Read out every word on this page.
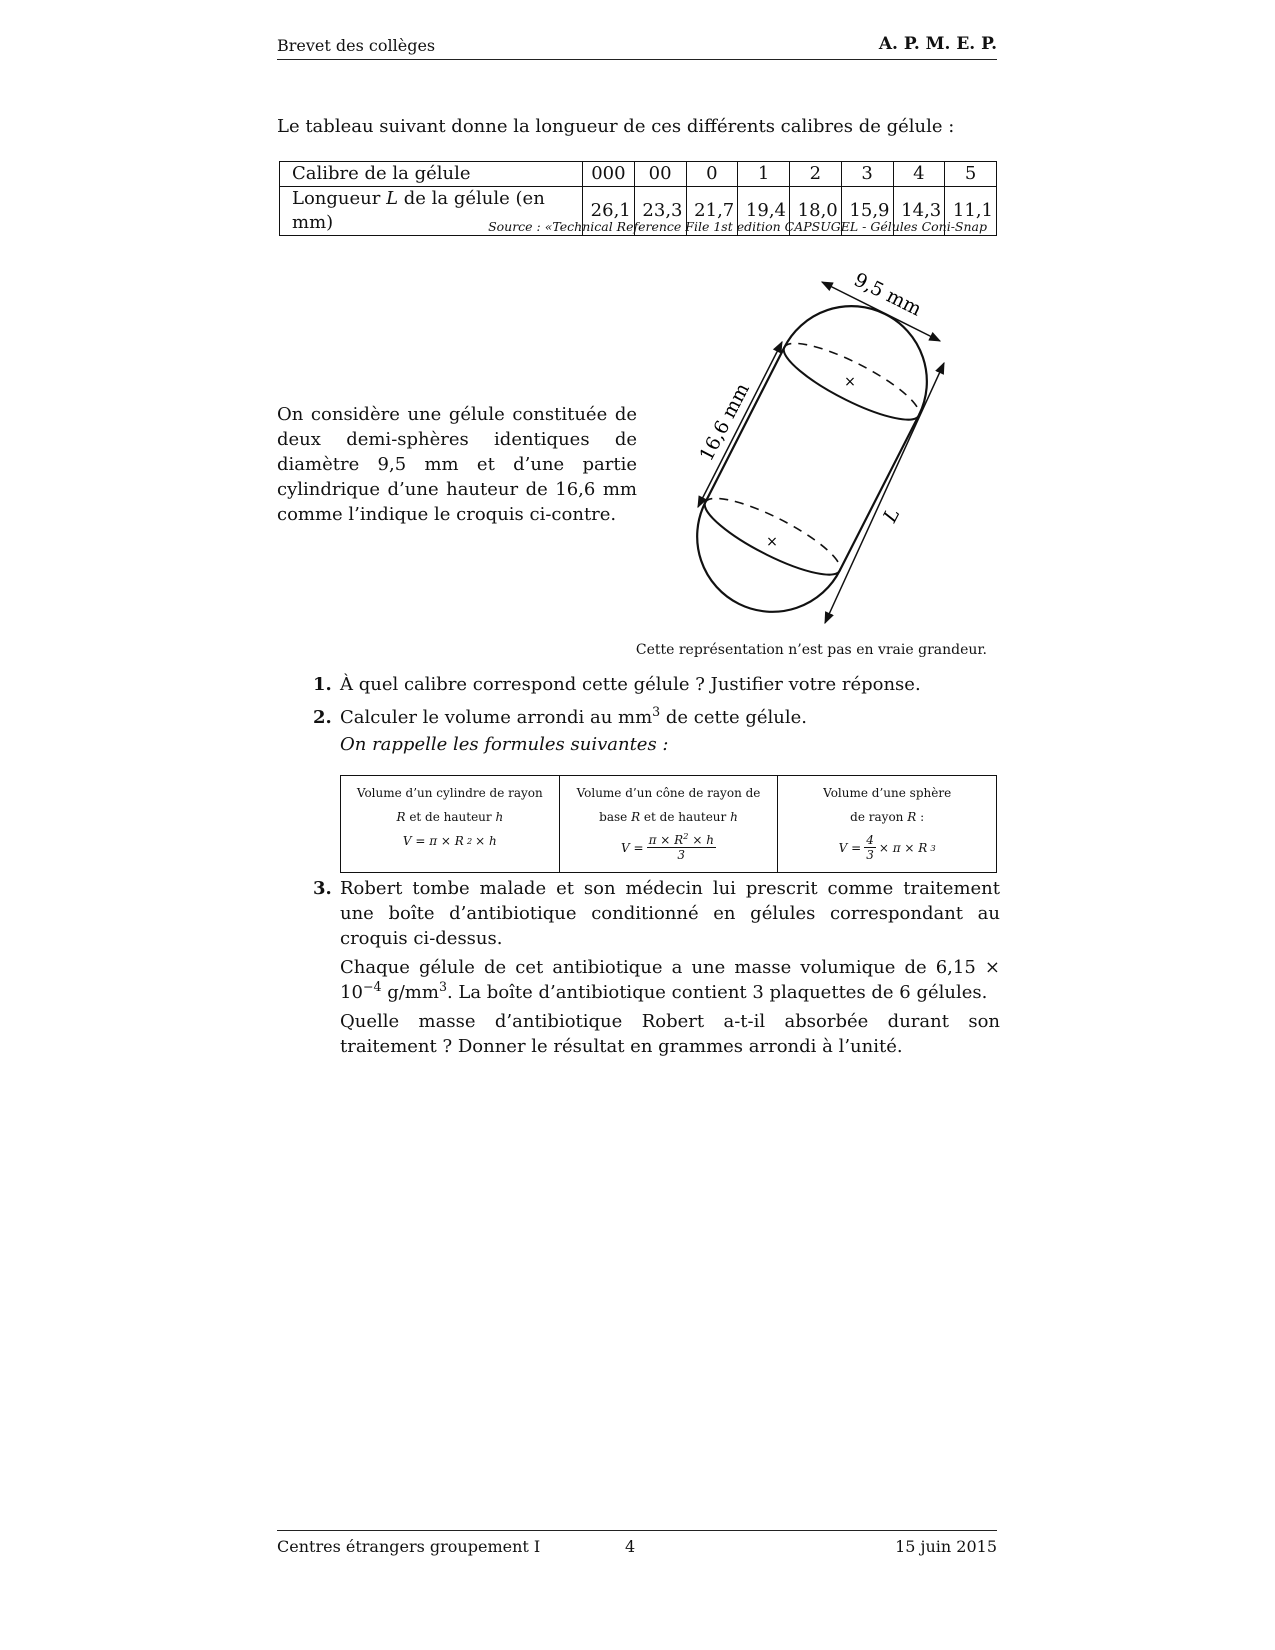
Brevet des collèges	A. P. M. E. P.
Le tableau suivant donne la longueur de ces différents calibres de gélule :
Calibre de la gélule	000	00	0	1	2	3	4	5
Longueur L de la gélule (en mm)	26,1	23,3	21,7	19,4	18,0	15,9	14,3	11,1
Source : «Technical Reference File 1st edition CAPSUGEL - Gélules Coni-Snap
On considère une gélule constituée de deux demi-sphères identiques de diamètre 9,5 mm et d’une partie cylindrique d’une hauteur de 16,6 mm comme l’indique le croquis ci-contre.
×
×
9,5 mm
16,6 mm
L
Cette représentation n’est pas en vraie grandeur.
1. À quel calibre correspond cette gélule ? Justifier votre réponse.
2. Calculer le volume arrondi au $mm^3$ de cette gélule.
On rappelle les formules suivantes :
Volume d’un cylindre de rayon
R et de hauteur h
V = π × R 2 × h

Volume d’un cône de rayon de
base R et de hauteur h
$V = \frac{\pi \times R^2 \times h}{3}$

Volume d’une sphère
de rayon R :
$V = \frac{4}{3} \times \pi \times R$ 3
3. Robert tombe malade et son médecin lui prescrit comme traitement une boîte d’antibiotique conditionné en gélules correspondant au croquis ci-dessus.
Chaque gélule de cet antibiotique a une masse volumique de $6,15 \times 10^{-4}$ $g/mm^3$. La boîte d’antibiotique contient 3 plaquettes de 6 gélules.
Quelle masse d’antibiotique Robert a-t-il absorbée durant son traitement ? Donner le résultat en grammes arrondi à l’unité.
Centres étrangers groupement I	4	15 juin 2015
